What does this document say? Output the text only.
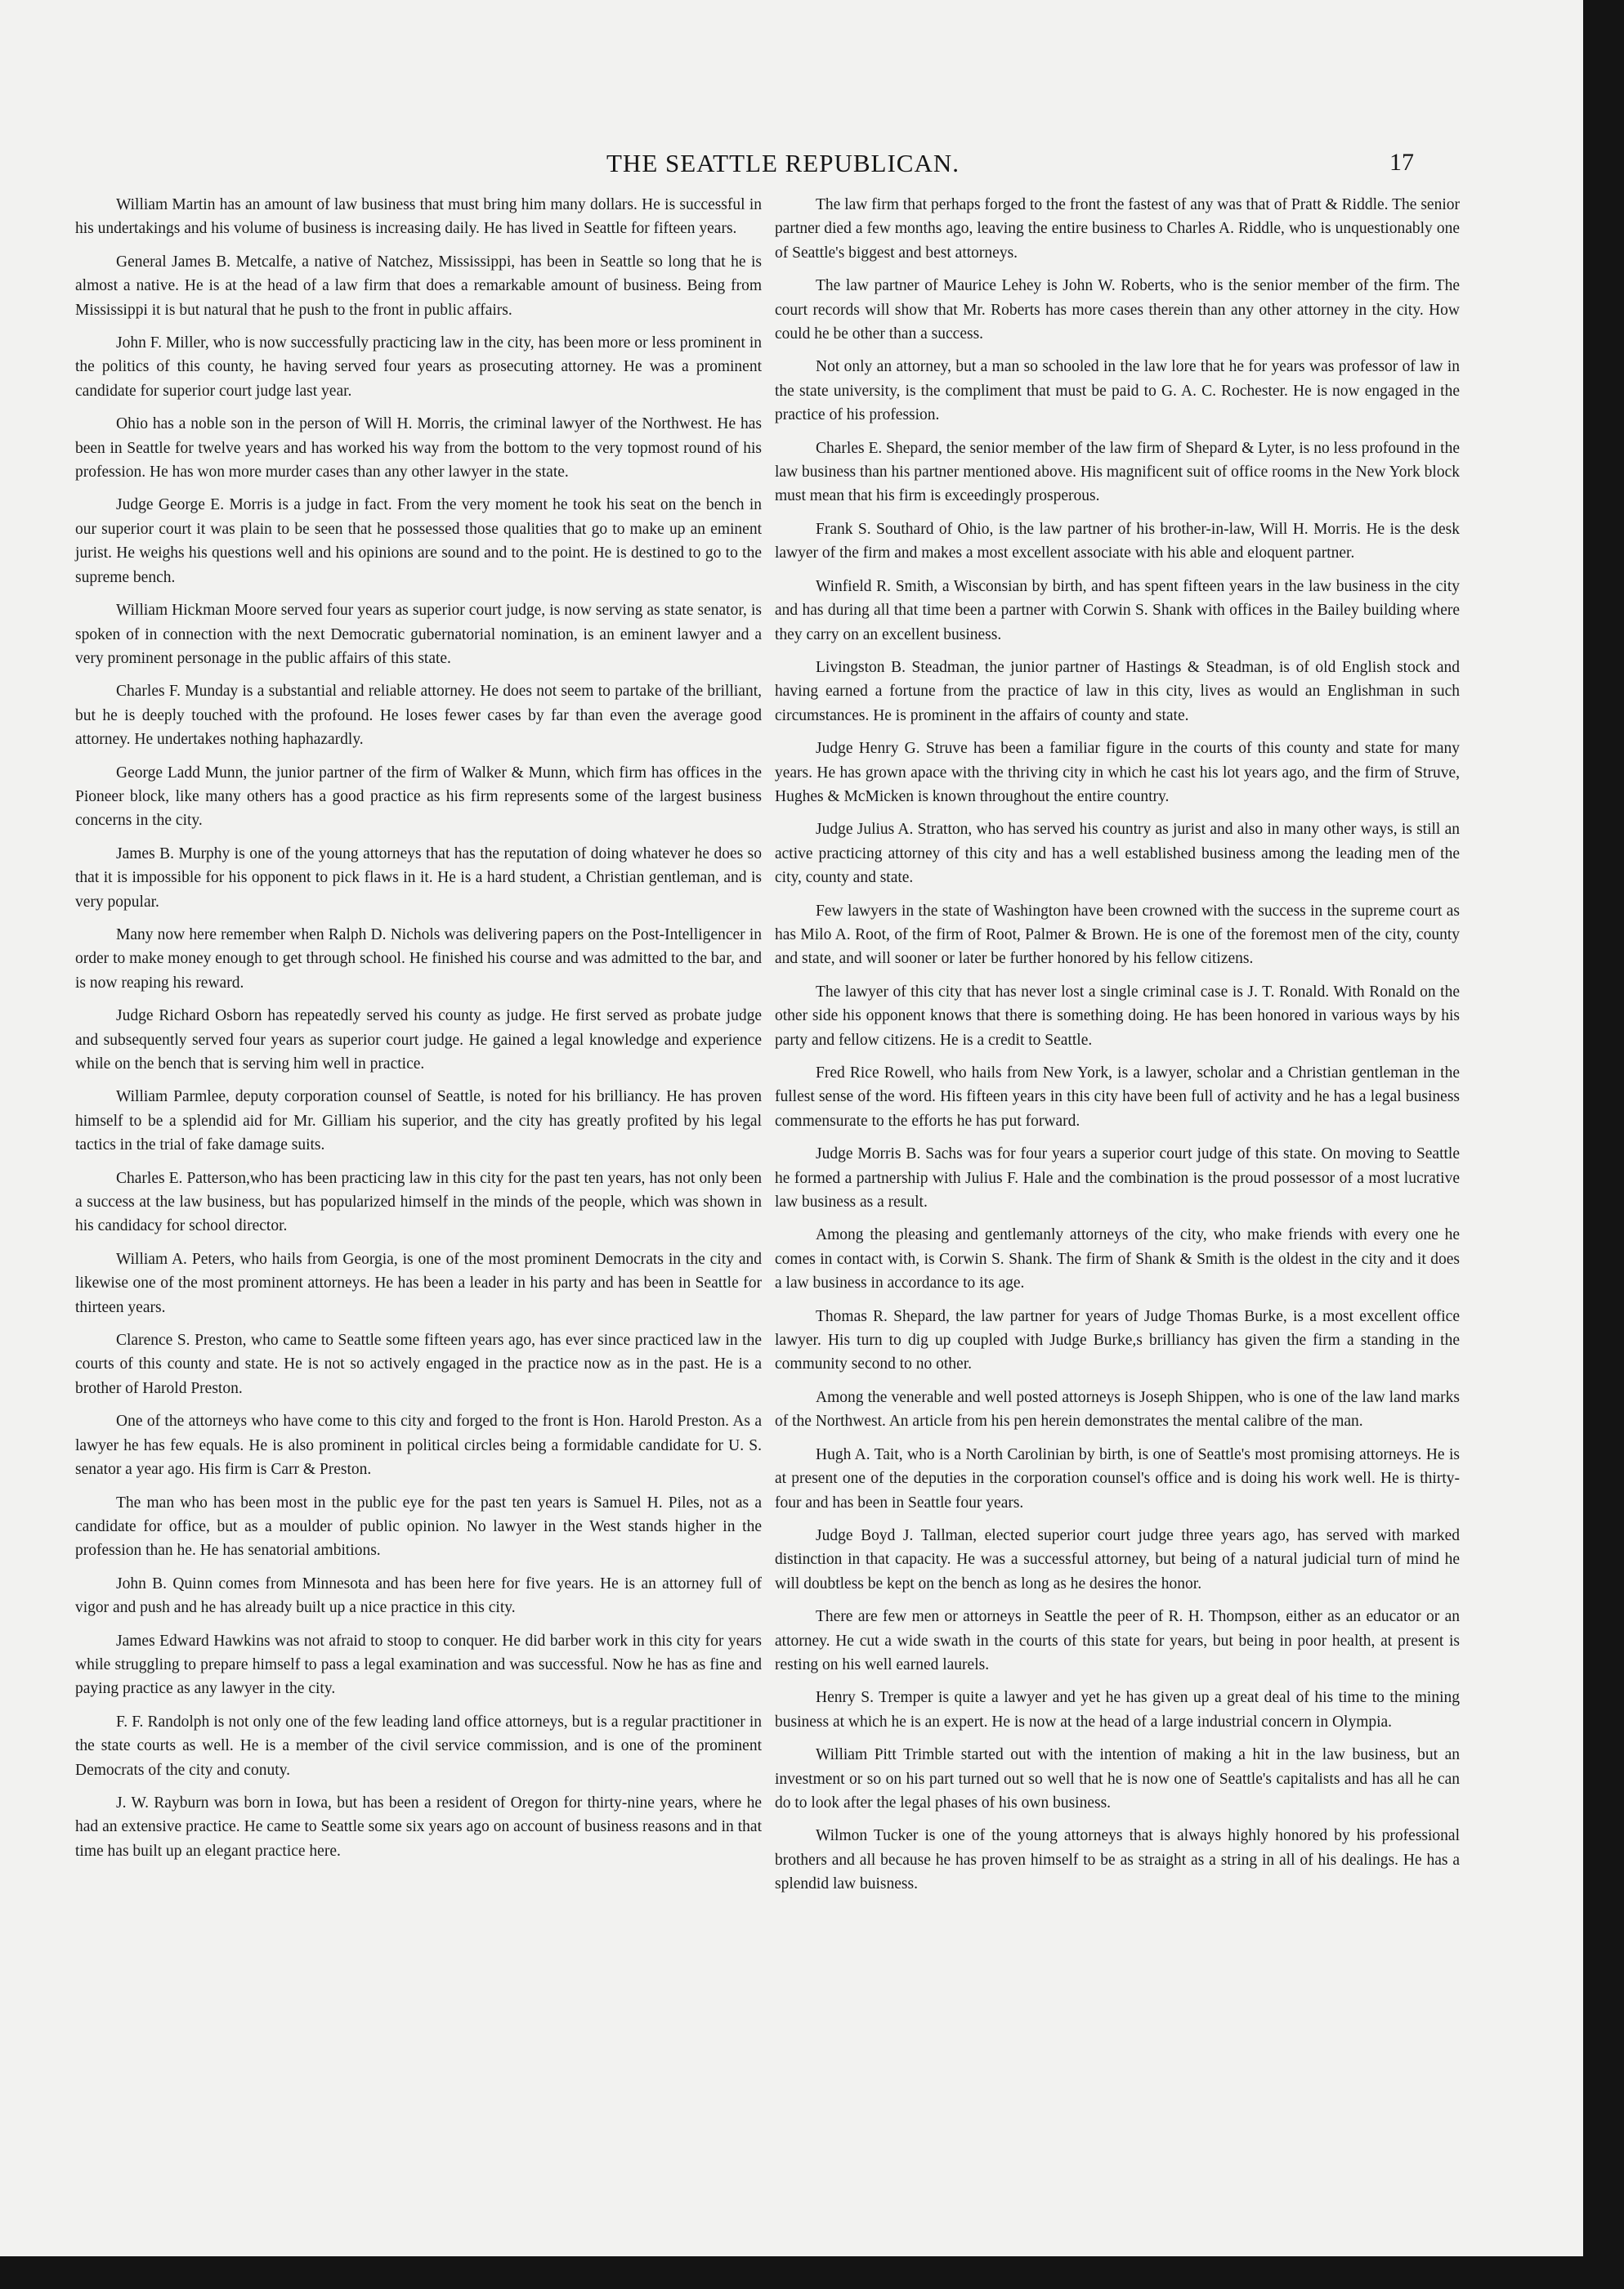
THE SEATTLE REPUBLICAN.	17

William Martin has an amount of law business that must bring him many dollars. He is successful in his undertakings and his volume of business is increasing daily. He has lived in Seattle for fifteen years.

General James B. Metcalfe, a native of Natchez, Mississippi, has been in Seattle so long that he is almost a native. He is at the head of a law firm that does a remarkable amount of business. Being from Mississippi it is but natural that he push to the front in public affairs.

John F. Miller, who is now successfully practicing law in the city, has been more or less prominent in the politics of this county, he having served four years as prosecuting attorney. He was a prominent candidate for superior court judge last year.

Ohio has a noble son in the person of Will H. Morris, the criminal lawyer of the Northwest. He has been in Seattle for twelve years and has worked his way from the bottom to the very topmost round of his profession. He has won more murder cases than any other lawyer in the state.

Judge George E. Morris is a judge in fact. From the very moment he took his seat on the bench in our superior court it was plain to be seen that he possessed those qualities that go to make up an eminent jurist. He weighs his questions well and his opinions are sound and to the point. He is destined to go to the supreme bench.

William Hickman Moore served four years as superior court judge, is now serving as state senator, is spoken of in connection with the next Democratic gubernatorial nomination, is an eminent lawyer and a very prominent personage in the public affairs of this state.

Charles F. Munday is a substantial and reliable attorney. He does not seem to partake of the brilliant, but he is deeply touched with the profound. He loses fewer cases by far than even the average good attorney. He undertakes nothing haphazardly.

George Ladd Munn, the junior partner of the firm of Walker & Munn, which firm has offices in the Pioneer block, like many others has a good practice as his firm represents some of the largest business concerns in the city.

James B. Murphy is one of the young attorneys that has the reputation of doing whatever he does so that it is impossible for his opponent to pick flaws in it. He is a hard student, a Christian gentleman, and is very popular.

Many now here remember when Ralph D. Nichols was delivering papers on the Post-Intelligencer in order to make money enough to get through school. He finished his course and was admitted to the bar, and is now reaping his reward.

Judge Richard Osborn has repeatedly served his county as judge. He first served as probate judge and subsequently served four years as superior court judge. He gained a legal knowledge and experience while on the bench that is serving him well in practice.

William Parmlee, deputy corporation counsel of Seattle, is noted for his brilliancy. He has proven himself to be a splendid aid for Mr. Gilliam his superior, and the city has greatly profited by his legal tactics in the trial of fake damage suits.

Charles E. Patterson,who has been practicing law in this city for the past ten years, has not only been a success at the law business, but has popularized himself in the minds of the people, which was shown in his candidacy for school director.

William A. Peters, who hails from Georgia, is one of the most prominent Democrats in the city and likewise one of the most prominent attorneys. He has been a leader in his party and has been in Seattle for thirteen years.

Clarence S. Preston, who came to Seattle some fifteen years ago, has ever since practiced law in the courts of this county and state. He is not so actively engaged in the practice now as in the past. He is a brother of Harold Preston.

One of the attorneys who have come to this city and forged to the front is Hon. Harold Preston. As a lawyer he has few equals. He is also prominent in political circles being a formidable candidate for U. S. senator a year ago. His firm is Carr & Preston.

The man who has been most in the public eye for the past ten years is Samuel H. Piles, not as a candidate for office, but as a moulder of public opinion. No lawyer in the West stands higher in the profession than he. He has senatorial ambitions.

John B. Quinn comes from Minnesota and has been here for five years. He is an attorney full of vigor and push and he has already built up a nice practice in this city.

James Edward Hawkins was not afraid to stoop to conquer. He did barber work in this city for years while struggling to prepare himself to pass a legal examination and was successful. Now he has as fine and paying practice as any lawyer in the city.

F. F. Randolph is not only one of the few leading land office attorneys, but is a regular practitioner in the state courts as well. He is a member of the civil service commission, and is one of the prominent Democrats of the city and conuty.

J. W. Rayburn was born in Iowa, but has been a resident of Oregon for thirty-nine years, where he had an extensive practice. He came to Seattle some six years ago on account of business reasons and in that time has built up an elegant practice here.

The law firm that perhaps forged to the front the fastest of any was that of Pratt & Riddle. The senior partner died a few months ago, leaving the entire business to Charles A. Riddle, who is unquestionably one of Seattle's biggest and best attorneys.

The law partner of Maurice Lehey is John W. Roberts, who is the senior member of the firm. The court records will show that Mr. Roberts has more cases therein than any other attorney in the city. How could he be other than a success.

Not only an attorney, but a man so schooled in the law lore that he for years was professor of law in the state university, is the compliment that must be paid to G. A. C. Rochester. He is now engaged in the practice of his profession.

Charles E. Shepard, the senior member of the law firm of Shepard & Lyter, is no less profound in the law business than his partner mentioned above. His magnificent suit of office rooms in the New York block must mean that his firm is exceedingly prosperous.

Frank S. Southard of Ohio, is the law partner of his brother-in-law, Will H. Morris. He is the desk lawyer of the firm and makes a most excellent associate with his able and eloquent partner.

Winfield R. Smith, a Wisconsian by birth, and has spent fifteen years in the law business in the city and has during all that time been a partner with Corwin S. Shank with offices in the Bailey building where they carry on an excellent business.

Livingston B. Steadman, the junior partner of Hastings & Steadman, is of old English stock and having earned a fortune from the practice of law in this city, lives as would an Englishman in such circumstances. He is prominent in the affairs of county and state.

Judge Henry G. Struve has been a familiar figure in the courts of this county and state for many years. He has grown apace with the thriving city in which he cast his lot years ago, and the firm of Struve, Hughes & McMicken is known throughout the entire country.

Judge Julius A. Stratton, who has served his country as jurist and also in many other ways, is still an active practicing attorney of this city and has a well established business among the leading men of the city, county and state.

Few lawyers in the state of Washington have been crowned with the success in the supreme court as has Milo A. Root, of the firm of Root, Palmer & Brown. He is one of the foremost men of the city, county and state, and will sooner or later be further honored by his fellow citizens.

The lawyer of this city that has never lost a single criminal case is J. T. Ronald. With Ronald on the other side his opponent knows that there is something doing. He has been honored in various ways by his party and fellow citizens. He is a credit to Seattle.

Fred Rice Rowell, who hails from New York, is a lawyer, scholar and a Christian gentleman in the fullest sense of the word. His fifteen years in this city have been full of activity and he has a legal business commensurate to the efforts he has put forward.

Judge Morris B. Sachs was for four years a superior court judge of this state. On moving to Seattle he formed a partnership with Julius F. Hale and the combination is the proud possessor of a most lucrative law business as a result.

Among the pleasing and gentlemanly attorneys of the city, who make friends with every one he comes in contact with, is Corwin S. Shank. The firm of Shank & Smith is the oldest in the city and it does a law business in accordance to its age.

Thomas R. Shepard, the law partner for years of Judge Thomas Burke, is a most excellent office lawyer. His turn to dig up coupled with Judge Burke,s brilliancy has given the firm a standing in the community second to no other.

Among the venerable and well posted attorneys is Joseph Shippen, who is one of the law land marks of the Northwest. An article from his pen herein demonstrates the mental calibre of the man.

Hugh A. Tait, who is a North Carolinian by birth, is one of Seattle's most promising attorneys. He is at present one of the deputies in the corporation counsel's office and is doing his work well. He is thirty-four and has been in Seattle four years.

Judge Boyd J. Tallman, elected superior court judge three years ago, has served with marked distinction in that capacity. He was a successful attorney, but being of a natural judicial turn of mind he will doubtless be kept on the bench as long as he desires the honor.

There are few men or attorneys in Seattle the peer of R. H. Thompson, either as an educator or an attorney. He cut a wide swath in the courts of this state for years, but being in poor health, at present is resting on his well earned laurels.

Henry S. Tremper is quite a lawyer and yet he has given up a great deal of his time to the mining business at which he is an expert. He is now at the head of a large industrial concern in Olympia.

William Pitt Trimble started out with the intention of making a hit in the law business, but an investment or so on his part turned out so well that he is now one of Seattle's capitalists and has all he can do to look after the legal phases of his own business.

Wilmon Tucker is one of the young attorneys that is always highly honored by his professional brothers and all because he has proven himself to be as straight as a string in all of his dealings. He has a splendid law buisness.
